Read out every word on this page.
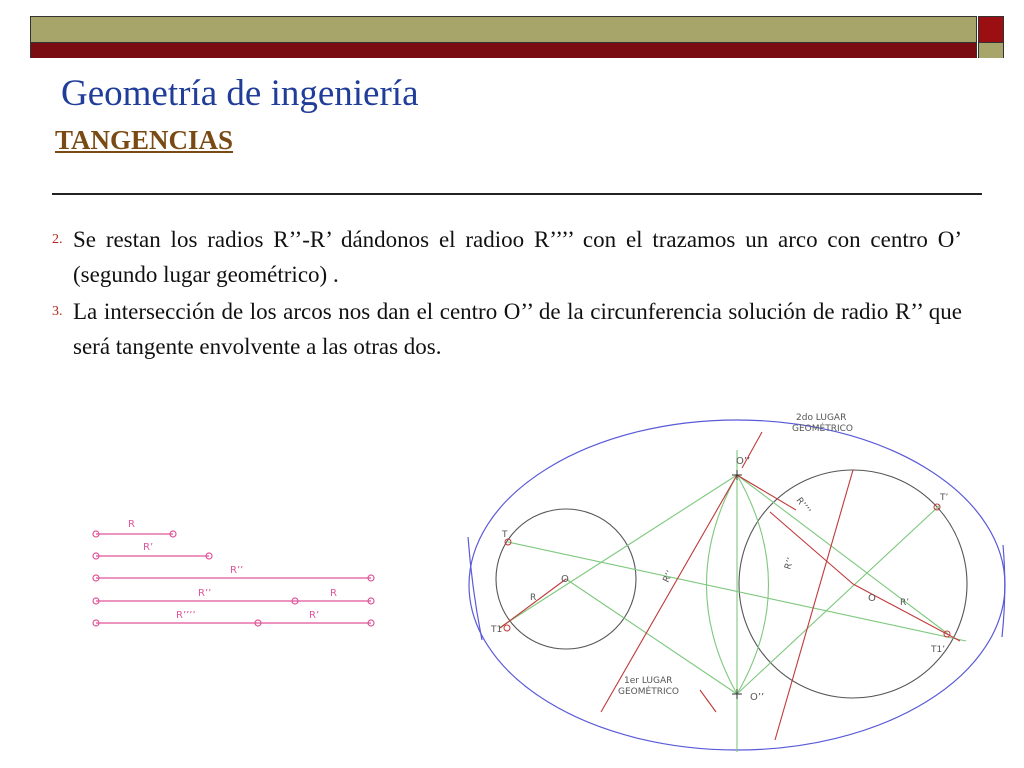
Geometría de ingeniería
TANGENCIAS
2. Se restan los radios R’’-R’ dándonos el radioo R’’’’ con el trazamos un arco con centro O’ (segundo lugar geométrico) .
3. La intersección de los arcos nos dan el centro O’’ de la circunferencia solución de radio R’’ que será tangente envolvente a las otras dos.
R
R’
R’’
R’’	R
R’’’’	R’
2do LUGAR
GEOMÉTRICO
1er LUGAR
GEOMÉTRICO
O’’
O’’
O
O
T
T1
T’
T1’
R	R’
R’’
R’’
R’’’’
